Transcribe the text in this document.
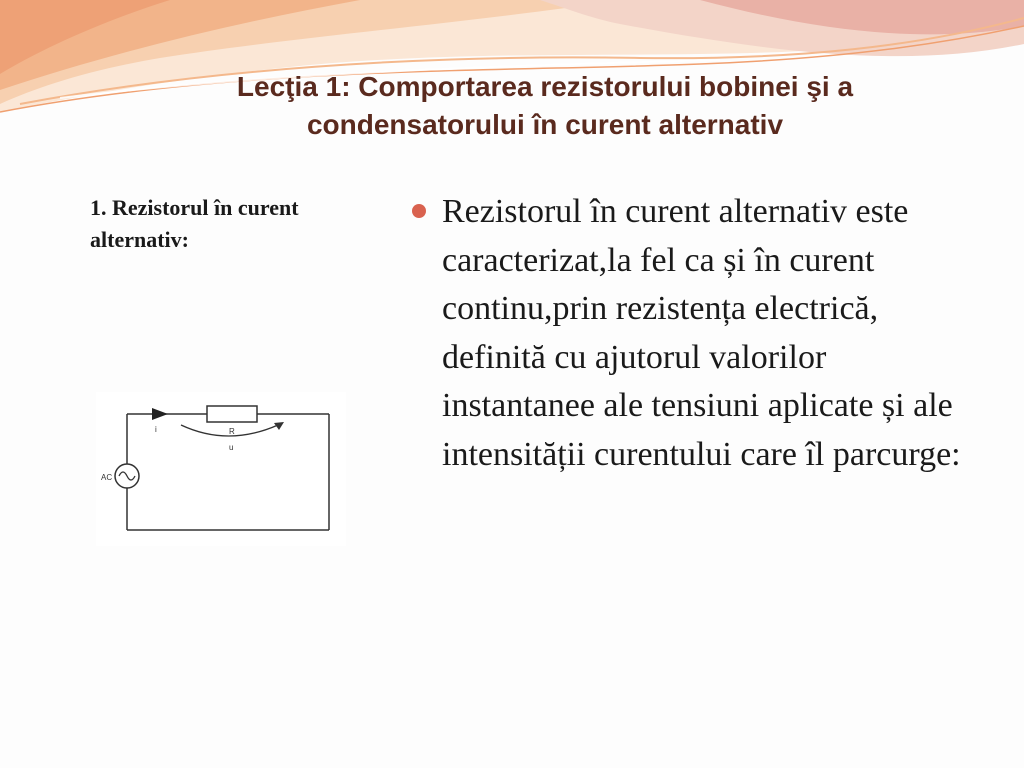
Lecţia 1: Comportarea rezistorului bobinei şi a condensatorului în curent alternativ
1. Rezistorul în curent alternativ:
AC
i	R
u
Rezistorul în curent alternativ este caracterizat,la fel ca și în curent continu,prin rezistența electrică, definită cu ajutorul valorilor instantanee ale tensiuni aplicate și ale intensității curentului care îl parcurge:
